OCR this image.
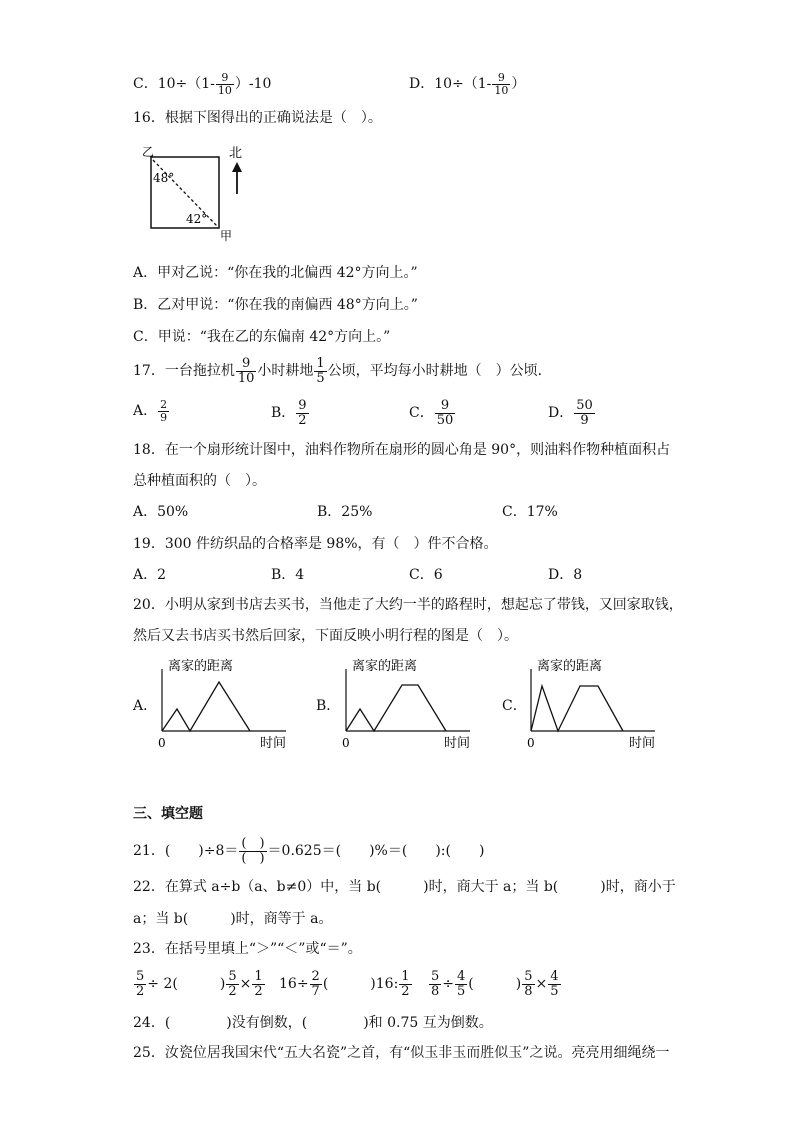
C．$10\div(1- \frac{9}{10} )-10$	D．$10\div(1- \frac{9}{10}$ ）
16．根据下图得出的正确说法是（　）。
乙
甲
48°
42°
北
A．甲对乙说：“你在我的北偏西 42°方向上。”
B．乙对甲说：“你在我的南偏西 48°方向上。”
C．甲说：“我在乙的东偏南 42°方向上。”
17．一台拖拉机 $\frac{9}{10}$ 小时耕地 $\frac{1}{5}$ 公顷，平均每小时耕地（　）公顷．
A． $\frac{2}{9}$	B． $\frac{9}{2}$	C． $\frac{9}{50}$	D． $\frac{50}{9}$
18．在一个扇形统计图中，油料作物所在扇形的圆心角是 90°，则油料作物种植面积占
总种植面积的（　）。
A．50%	B．25%	C．17%
19．300 件纺织品的合格率是 98%，有（　）件不合格。
A．2	B．4	C．6	D．8
20．小明从家到书店去买书，当他走了大约一半的路程时，想起忘了带钱，又回家取钱，
然后又去书店买书然后回家，下面反映小明行程的图是（　）。
A．
离家的距离
0	时间
B．
离家的距离
0	时间
C．
离家的距离
0	时间
三、填空题
21．(　　)$\div 8= \frac{( )}{( )} =0.625=$(　　)%＝(　　):(　　)
22．在算式 a÷b（a、b≠0）中，当 b(　　　)时，商大于 a；当 b(　　　)时，商小于
a；当 b(　　　)时，商等于 a。
23．在括号里填上“＞”“＜”或“＝”。
$\frac{5}{2} \div 2$(　　　) $\frac{5}{2} \times \frac{1}{2} 16\div \frac{2}{7}$ (　　　)16: $\frac{1}{2} \frac{5}{8} \div \frac{4}{5}$ (　　　) $\frac{5}{8} \times \frac{4}{5}$
24．(　　　　)没有倒数，(　　　　)和 0.75 互为倒数。
25．汝瓷位居我国宋代“五大名瓷”之首，有“似玉非玉而胜似玉”之说。亮亮用细绳绕一
